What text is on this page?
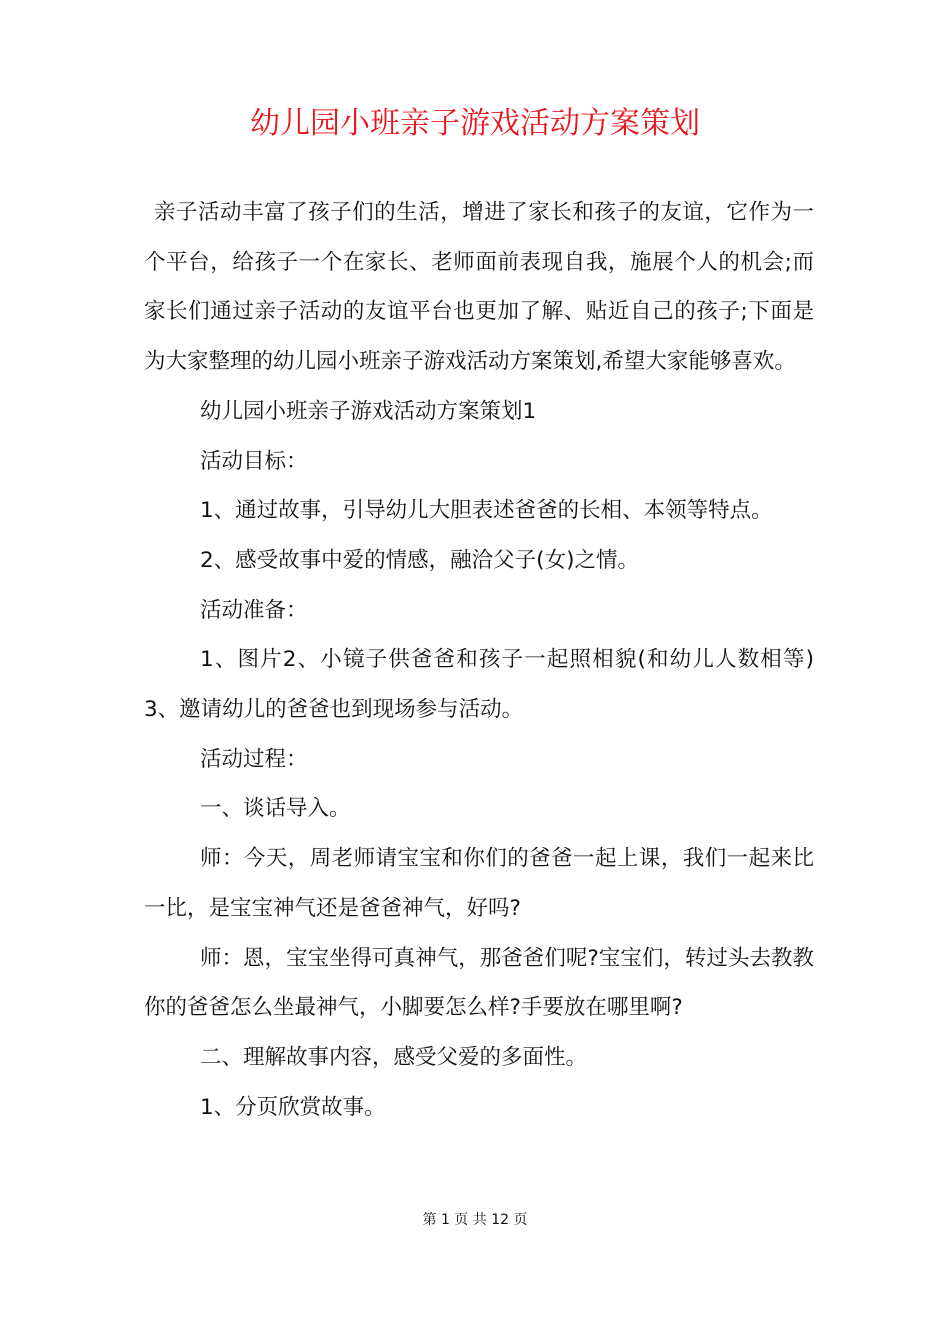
幼儿园小班亲子游戏活动方案策划

亲子活动丰富了孩子们的生活，增进了家长和孩子的友谊，它作为一个平台，给孩子一个在家长、老师面前表现自我，施展个人的机会;而家长们通过亲子活动的友谊平台也更加了解、贴近自己的孩子;下面是为大家整理的幼儿园小班亲子游戏活动方案策划,希望大家能够喜欢。

幼儿园小班亲子游戏活动方案策划1

活动目标：

1、通过故事，引导幼儿大胆表述爸爸的长相、本领等特点。

2、感受故事中爱的情感，融洽父子(女)之情。

活动准备：

1、图片2、小镜子供爸爸和孩子一起照相貌(和幼儿人数相等)3、邀请幼儿的爸爸也到现场参与活动。

活动过程：

一、谈话导入。

师：今天，周老师请宝宝和你们的爸爸一起上课，我们一起来比一比，是宝宝神气还是爸爸神气，好吗?

师：恩，宝宝坐得可真神气，那爸爸们呢?宝宝们，转过头去教教你的爸爸怎么坐最神气，小脚要怎么样?手要放在哪里啊?

二、理解故事内容，感受父爱的多面性。

1、分页欣赏故事。

第 1 页 共 12 页
